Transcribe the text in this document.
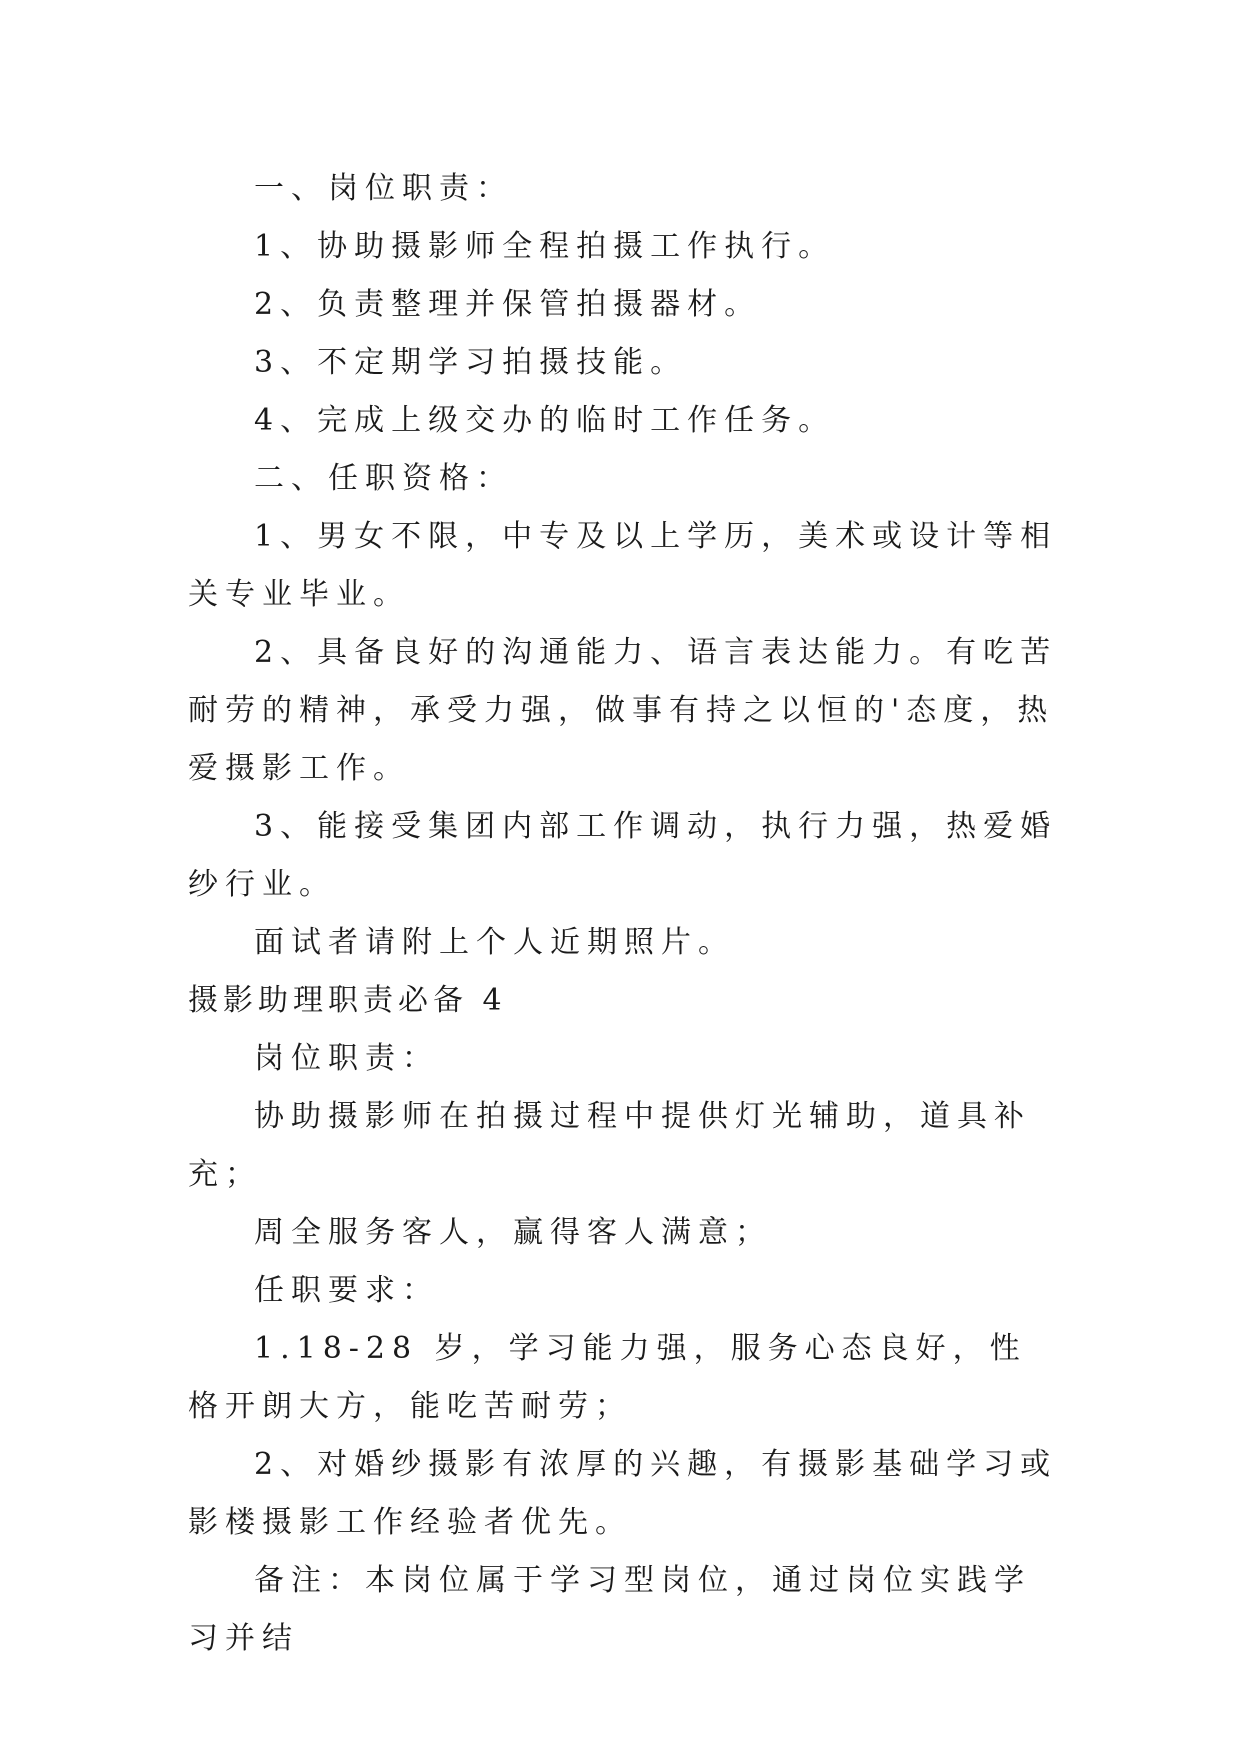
一、岗位职责：

1、协助摄影师全程拍摄工作执行。

2、负责整理并保管拍摄器材。

3、不定期学习拍摄技能。

4、完成上级交办的临时工作任务。

二、任职资格：

1、男女不限，中专及以上学历，美术或设计等相关专业毕业。

2、具备良好的沟通能力、语言表达能力。有吃苦耐劳的精神，承受力强，做事有持之以恒的'态度，热爱摄影工作。

3、能接受集团内部工作调动，执行力强，热爱婚纱行业。

面试者请附上个人近期照片。

摄影助理职责必备 4

岗位职责：

协助摄影师在拍摄过程中提供灯光辅助，道具补充；

周全服务客人，赢得客人满意；

任职要求：

1.18-28 岁，学习能力强，服务心态良好，性格开朗大方，能吃苦耐劳；

2、对婚纱摄影有浓厚的兴趣，有摄影基础学习或影楼摄影工作经验者优先。

备注：本岗位属于学习型岗位，通过岗位实践学习并结
